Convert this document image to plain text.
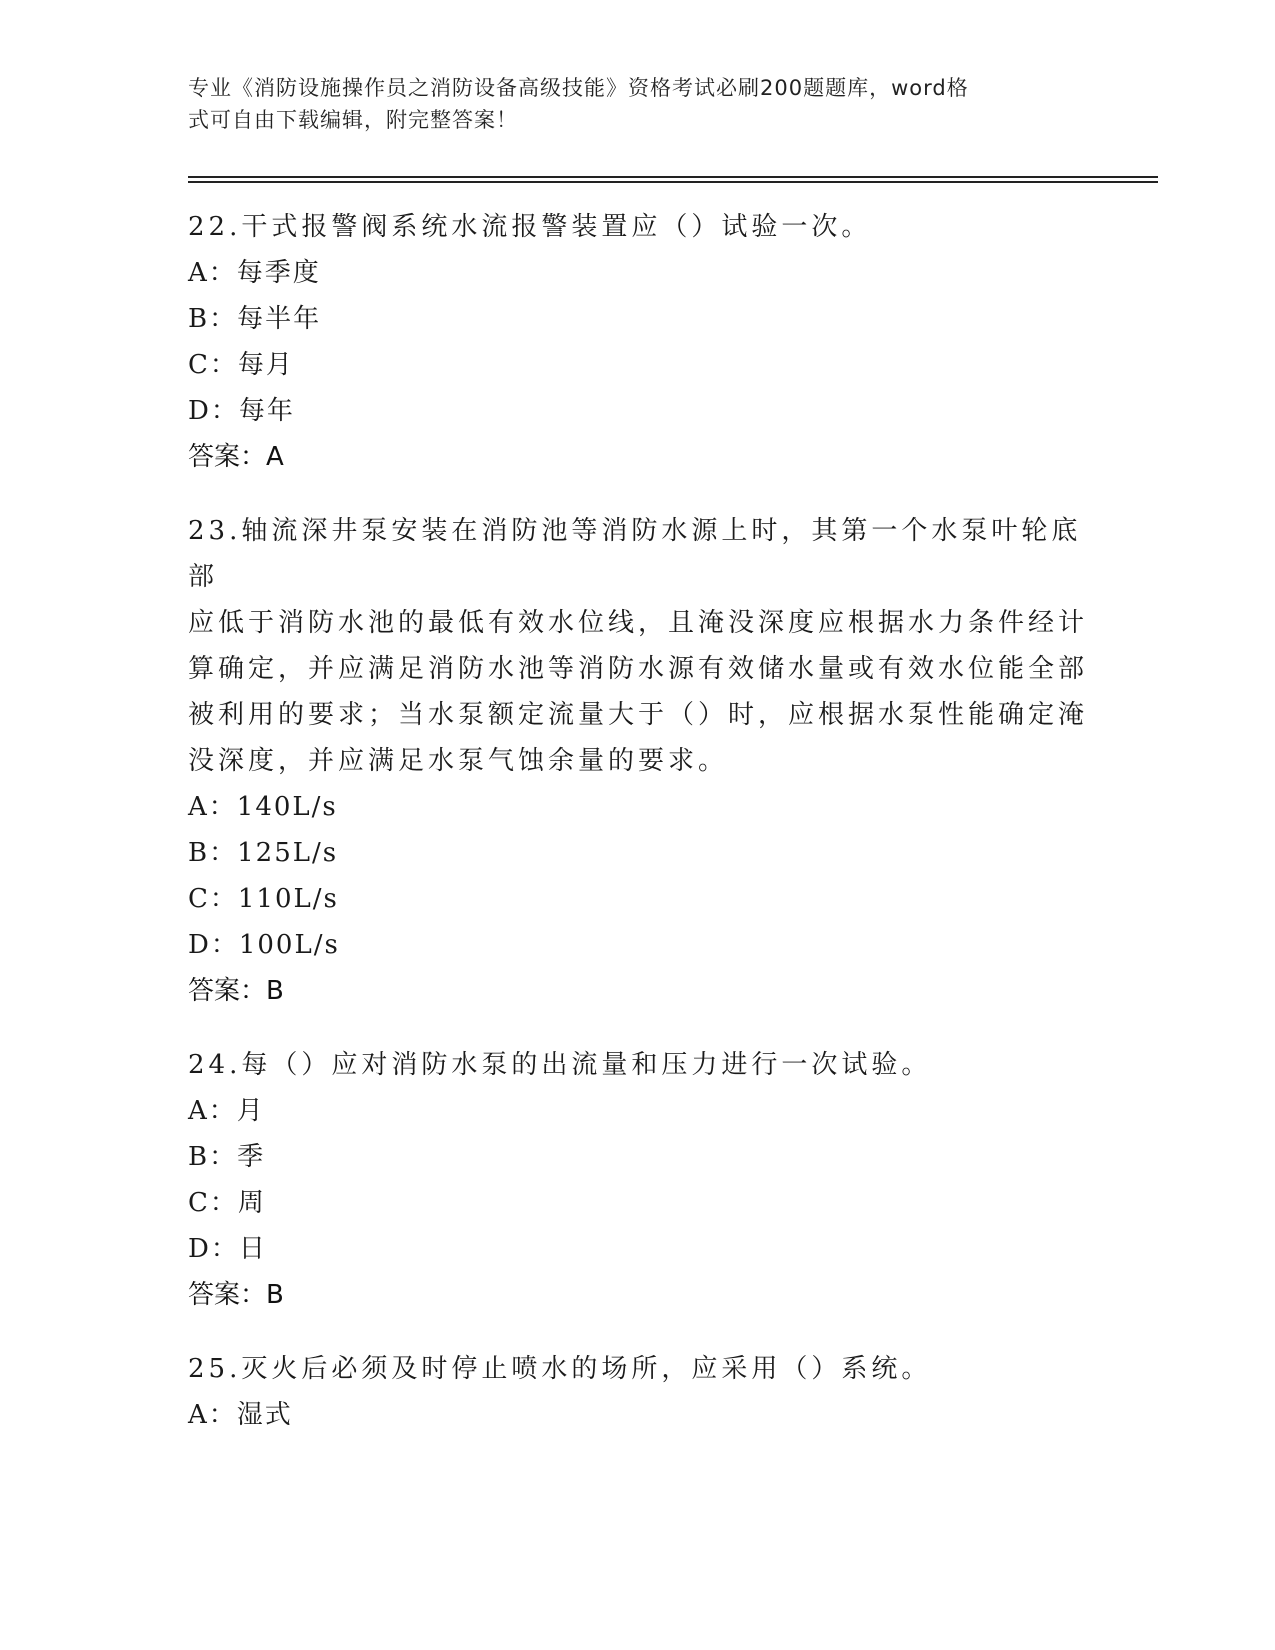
专业《消防设施操作员之消防设备高级技能》资格考试必刷200题题库，word格
式可自由下载编辑，附完整答案！

22.干式报警阀系统水流报警装置应（）试验一次。

A：每季度

B：每半年

C：每月

D：每年

答案：A

23.轴流深井泵安装在消防池等消防水源上时，其第一个水泵叶轮底部

应低于消防水池的最低有效水位线，且淹没深度应根据水力条件经计

算确定，并应满足消防水池等消防水源有效储水量或有效水位能全部

被利用的要求；当水泵额定流量大于（）时，应根据水泵性能确定淹

没深度，并应满足水泵气蚀余量的要求。

A：140L/s

B：125L/s

C：110L/s

D：100L/s

答案：B

24.每（）应对消防水泵的出流量和压力进行一次试验。

A：月

B：季

C：周

D：日

答案：B

25.灭火后必须及时停止喷水的场所，应采用（）系统。

A：湿式
